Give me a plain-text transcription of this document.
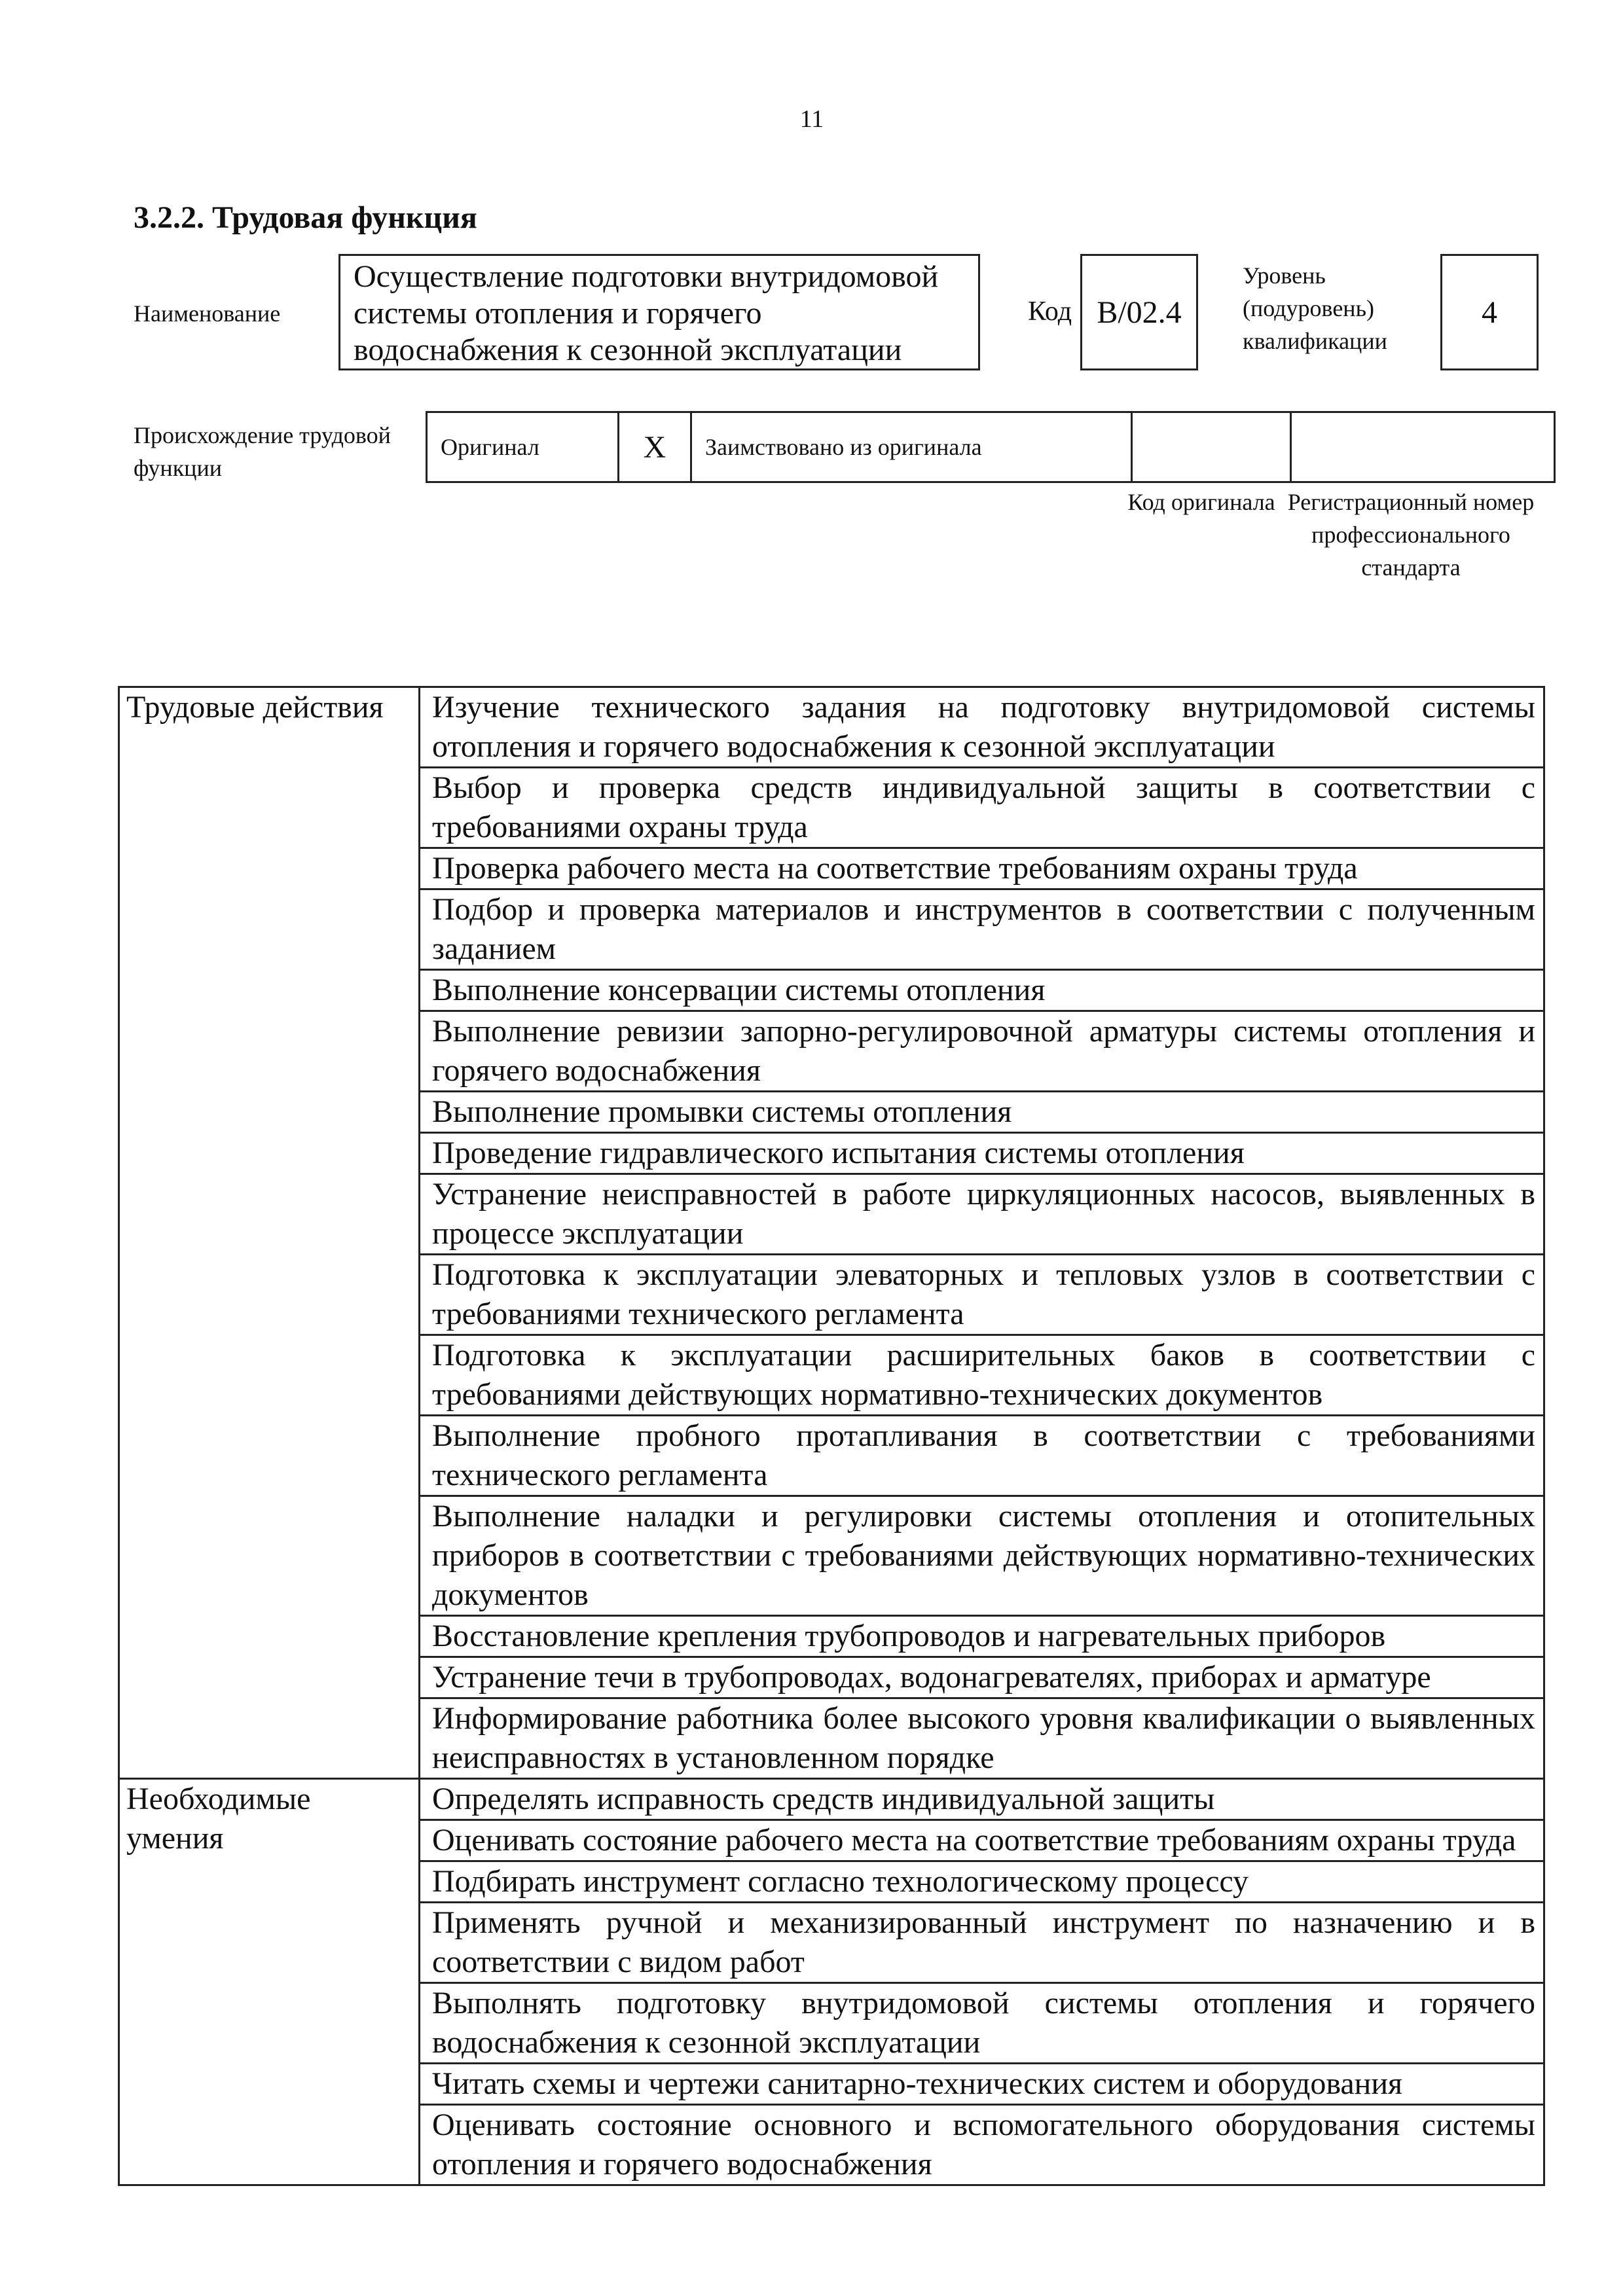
11
3.2.2. Трудовая функция
Наименование
Осуществление подготовки внутридомовой системы отопления и горячего водоснабжения к сезонной эксплуатации
Код В/02.4
Уровень (подуровень) квалификации
4
Происхождение трудовой функции
Оригинал	X	Заимствовано из оригинала		
Код оригинала Регистрационный номер профессионального стандарта
Трудовые действия	Изучение технического задания на подготовку внутридомовой системы отопления и горячего водоснабжения к сезонной эксплуатации
	Выбор и проверка средств индивидуальной защиты в соответствии с требованиями охраны труда
	Проверка рабочего места на соответствие требованиям охраны труда
	Подбор и проверка материалов и инструментов в соответствии с полученным заданием
	Выполнение консервации системы отопления
	Выполнение ревизии запорно-регулировочной арматуры системы отопления и горячего водоснабжения
	Выполнение промывки системы отопления
	Проведение гидравлического испытания системы отопления
	Устранение неисправностей в работе циркуляционных насосов, выявленных в процессе эксплуатации
	Подготовка к эксплуатации элеваторных и тепловых узлов в соответствии с требованиями технического регламента
	Подготовка к эксплуатации расширительных баков в соответствии с требованиями действующих нормативно-технических документов
	Выполнение пробного протапливания в соответствии с требованиями технического регламента
	Выполнение наладки и регулировки системы отопления и отопительных приборов в соответствии с требованиями действующих нормативно-технических документов
	Восстановление крепления трубопроводов и нагревательных приборов
	Устранение течи в трубопроводах, водонагревателях, приборах и арматуре
	Информирование работника более высокого уровня квалификации о выявленных неисправностях в установленном порядке
Необходимые умения	Определять исправность средств индивидуальной защиты
	Оценивать состояние рабочего места на соответствие требованиям охраны труда
	Подбирать инструмент согласно технологическому процессу
	Применять ручной и механизированный инструмент по назначению и в соответствии с видом работ
	Выполнять подготовку внутридомовой системы отопления и горячего водоснабжения к сезонной эксплуатации
	Читать схемы и чертежи санитарно-технических систем и оборудования
	Оценивать состояние основного и вспомогательного оборудования системы отопления и горячего водоснабжения
